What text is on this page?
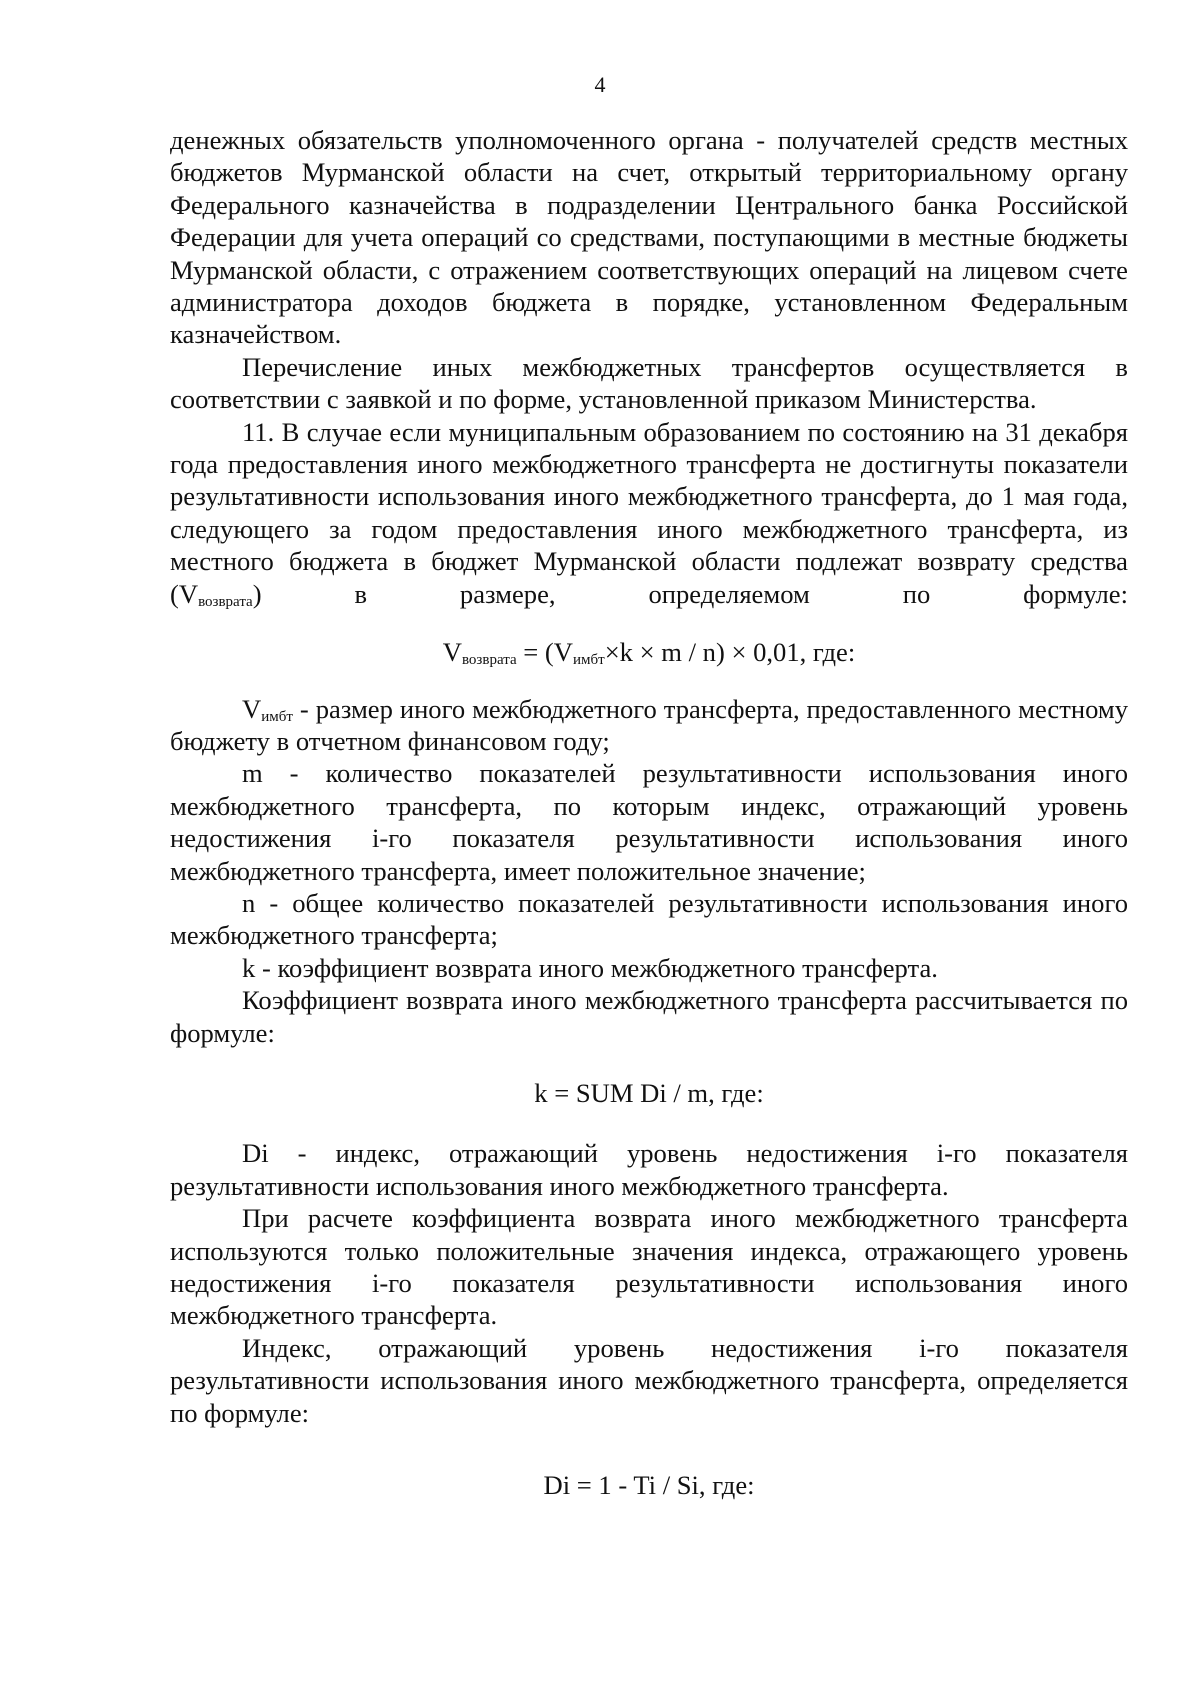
4

денежных обязательств уполномоченного органа - получателей средств местных бюджетов Мурманской области на счет, открытый территориальному органу Федерального казначейства в подразделении Центрального банка Российской Федерации для учета операций со средствами, поступающими в местные бюджеты Мурманской области, с отражением соответствующих операций на лицевом счете администратора доходов бюджета в порядке, установленном Федеральным казначейством.

Перечисление иных межбюджетных трансфертов осуществляется в соответствии с заявкой и по форме, установленной приказом Министерства.

11. В случае если муниципальным образованием по состоянию на 31 декабря года предоставления иного межбюджетного трансферта не достигнуты показатели результативности использования иного межбюджетного трансферта, до 1 мая года, следующего за годом предоставления иного межбюджетного трансферта, из местного бюджета в бюджет Мурманской области подлежат возврату средства $(V_{возврата})$ в размере, определяемом по формуле:

$V_{возврата} = (V_{имбт}\times k \times m / n) \times 0,01$, где:

$V_{имбт}$ - размер иного межбюджетного трансферта, предоставленного местному бюджету в отчетном финансовом году;

m - количество показателей результативности использования иного межбюджетного трансферта, по которым индекс, отражающий уровень недостижения i-го показателя результативности использования иного межбюджетного трансферта, имеет положительное значение;

n - общее количество показателей результативности использования иного межбюджетного трансферта;

k - коэффициент возврата иного межбюджетного трансферта.

Коэффициент возврата иного межбюджетного трансферта рассчитывается по формуле:

k = SUM Di / m, где:

Di - индекс, отражающий уровень недостижения i-го показателя результативности использования иного межбюджетного трансферта.

При расчете коэффициента возврата иного межбюджетного трансферта используются только положительные значения индекса, отражающего уровень недостижения i-го показателя результативности использования иного межбюджетного трансферта.

Индекс, отражающий уровень недостижения i-го показателя результативности использования иного межбюджетного трансферта, определяется по формуле:

Di = 1 - Ti / Si, где:
